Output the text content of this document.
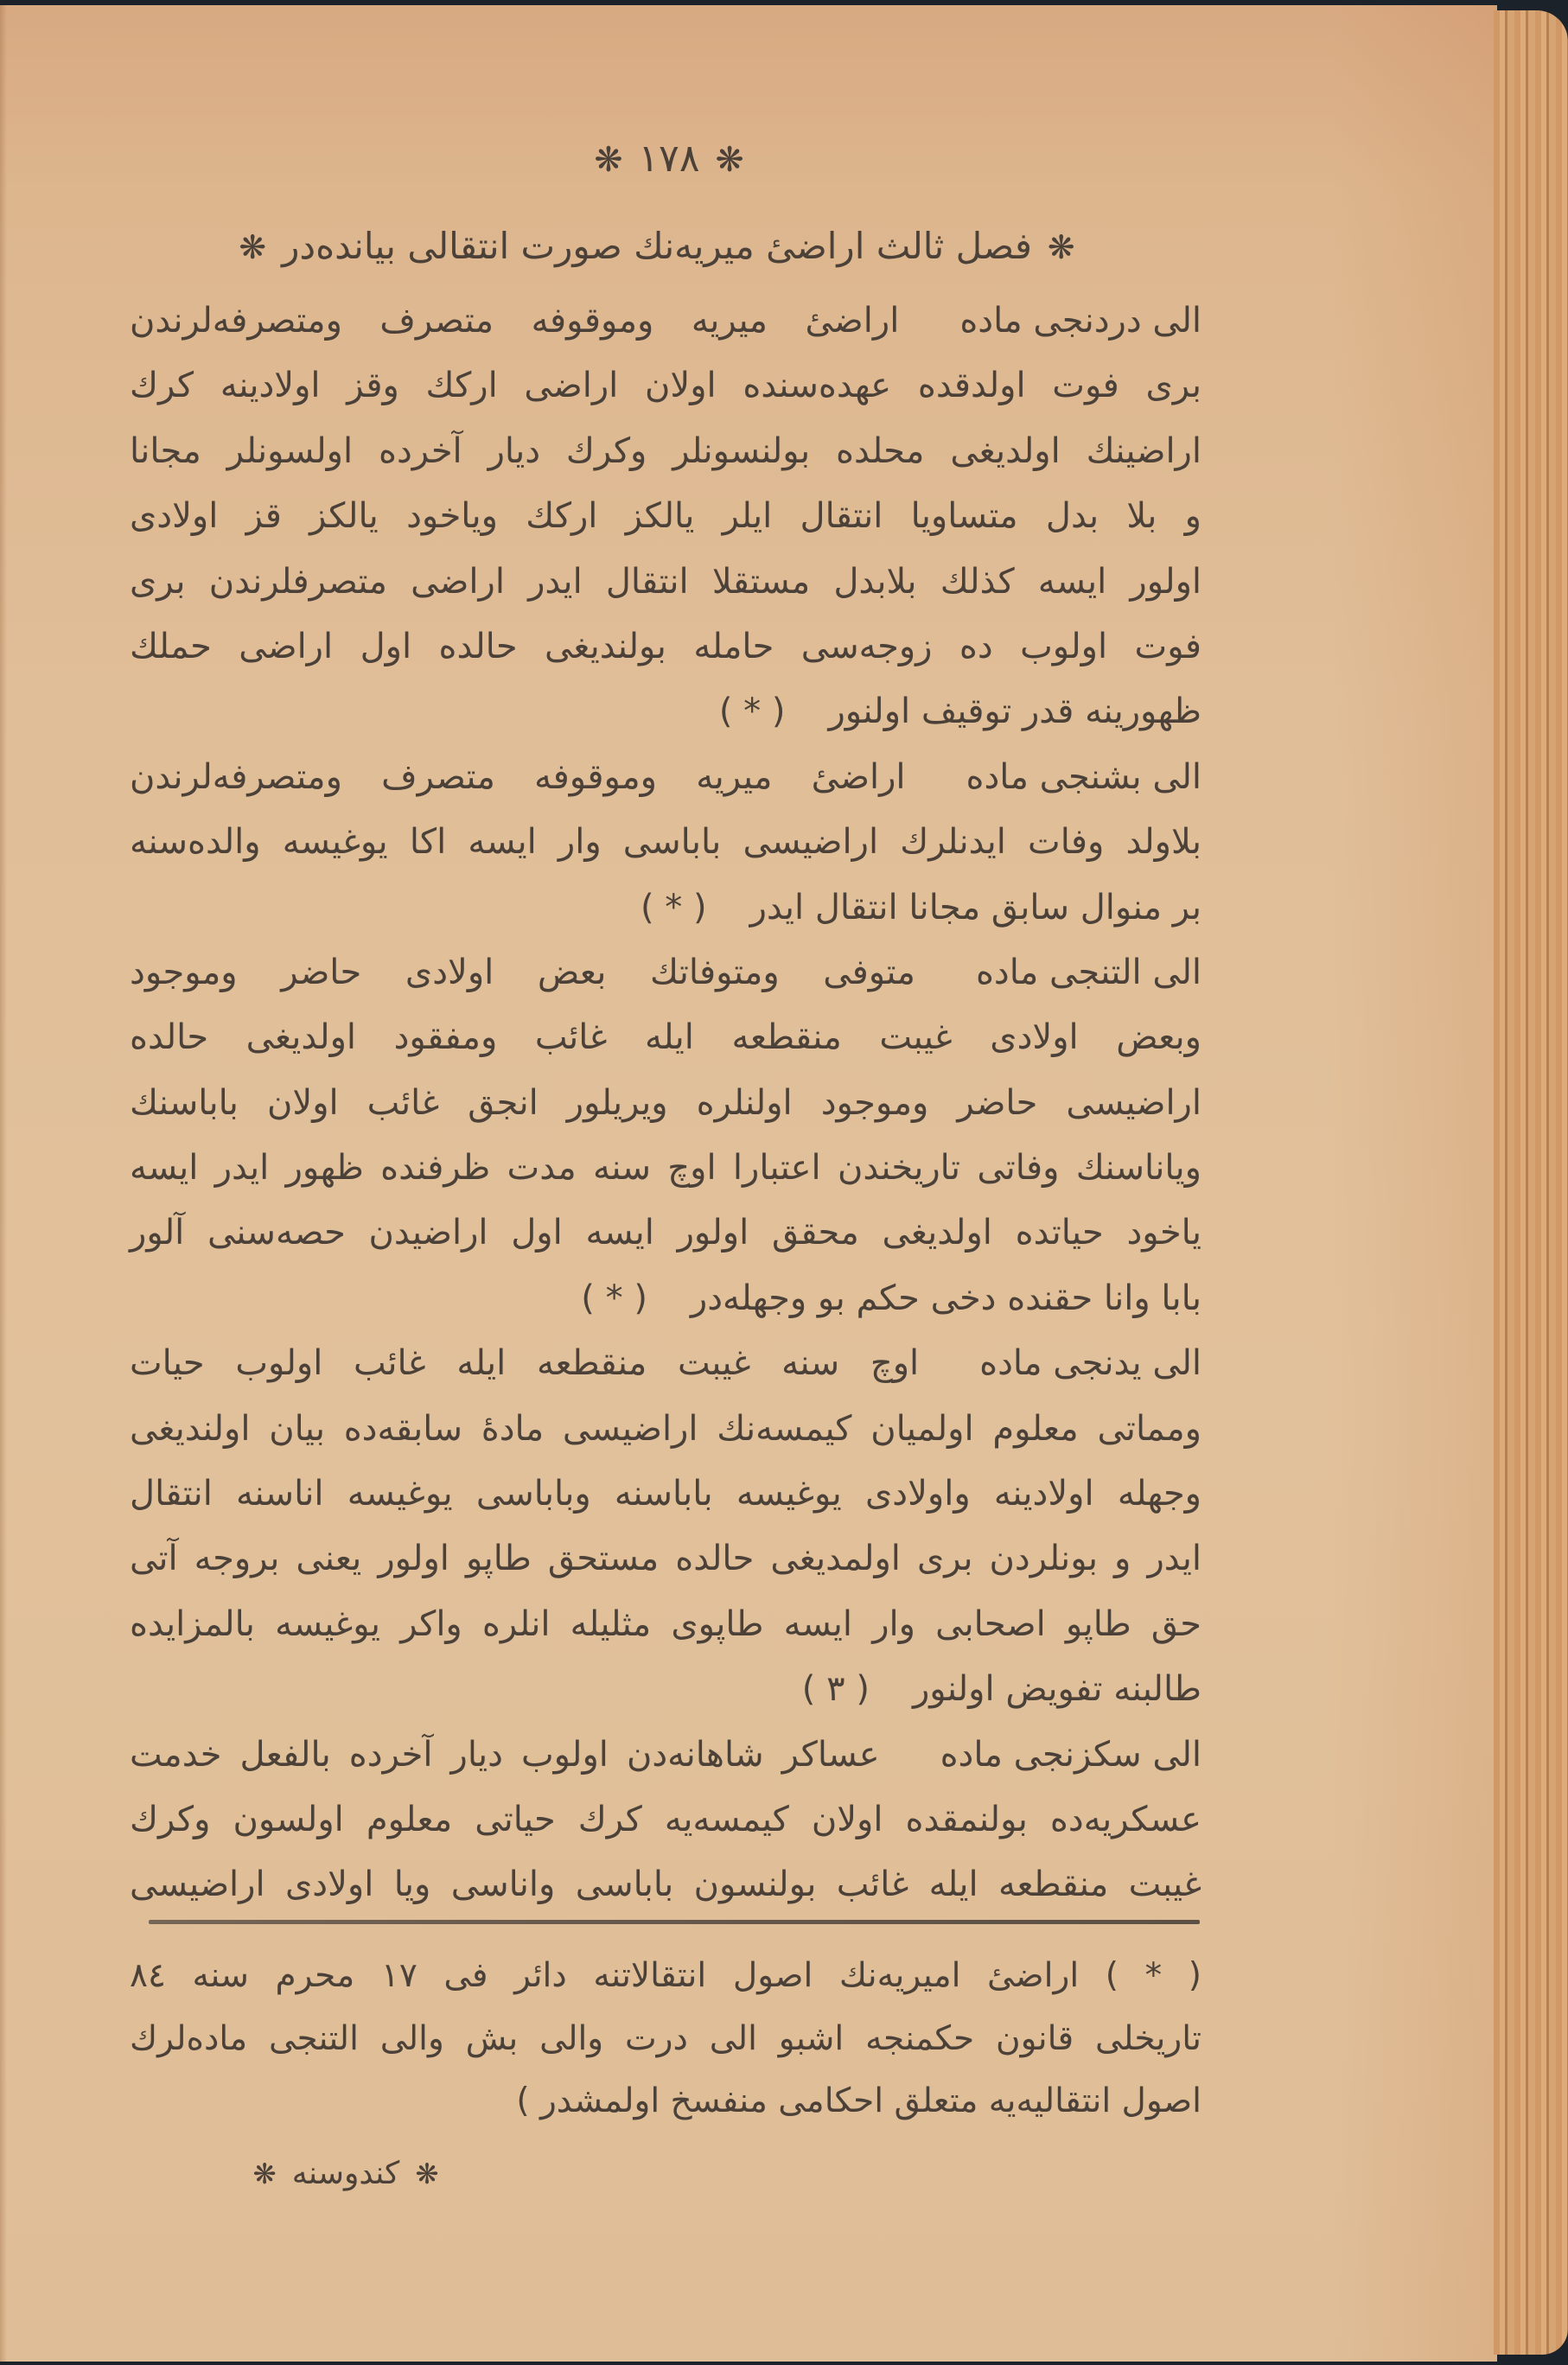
❋۱۷۸❋
❋فصل ثالث اراضیٔ میریه‌نك صورت انتقالی بیانده‌در❋
الی دردنجی مادهاراضیٔ میریه وموقوفه متصرف ومتصرفه‌لرندن
بری فوت اولدقده عهده‌سنده اولان اراضی ارکك وقز اولادینه کرك
اراضینك اولدیغی محلده بولنسونلر وکرك دیار آخرده اولسونلر مجانا
و بلا بدل متساویا انتقال ایلر یالکز ارکك ویاخود یالکز قز اولادی
اولور ایسه کذلك بلابدل مستقلا انتقال ایدر اراضی متصرفلرندن بری
فوت اولوب ده زوجه‌سی حامله بولندیغی حالده اول اراضی حملك
ظهورینه قدر توقیف اولنور( * )
الی بشنجی مادهاراضیٔ میریه وموقوفه متصرف ومتصرفه‌لرندن
بلاولد وفات ایدنلرك اراضیسی باباسی وار ایسه اکا یوغیسه والده‌سنه
بر منوال سابق مجانا انتقال ایدر( * )
الی التنجی مادهمتوفی ومتوفاتك بعض اولادی حاضر وموجود
وبعض اولادی غیبت منقطعه ایله غائب ومفقود اولدیغی حالده
اراضیسی حاضر وموجود اولنلره ویریلور انجق غائب اولان باباسنك
ویاناسنك وفاتی تاریخندن اعتبارا اوچ سنه مدت ظرفنده ظهور ایدر ایسه
یاخود حیاتده اولدیغی محقق اولور ایسه اول اراضیدن حصه‌سنی آلور
بابا وانا حقنده دخی حکم بو وجهله‌در( * )
الی یدنجی مادهاوچ سنه غیبت منقطعه ایله غائب اولوب حیات
ومماتی معلوم اولمیان کیمسه‌نك اراضیسی مادهٔ سابقه‌ده بیان اولندیغی
وجهله اولادینه واولادی یوغیسه باباسنه وباباسی یوغیسه اناسنه انتقال
ایدر و بونلردن بری اولمدیغی حالده مستحق طاپو اولور یعنی بروجه آتی
حق طاپو اصحابی وار ایسه طاپوی مثلیله انلره واکر یوغیسه بالمزایده
طالبنه تفویض اولنور( ۳ )
الی سکزنجی مادهعساکر شاهانه‌دن اولوب دیار آخرده بالفعل خدمت
عسکریه‌ده بولنمقده اولان کیمسه‌یه کرك حیاتی معلوم اولسون وکرك
غیبت منقطعه ایله غائب بولنسون باباسی واناسی ویا اولادی اراضیسی
( * ) اراضیٔ امیریه‌نك اصول انتقالاتنه دائر فی ۱۷ محرم سنه ۸٤
تاریخلی قانون حکمنجه اشبو الی درت والی بش والی التنجی ماده‌لرك
اصول انتقالیه‌یه متعلق احکامی منفسخ اولمشدر )
❋کندوسنه❋
